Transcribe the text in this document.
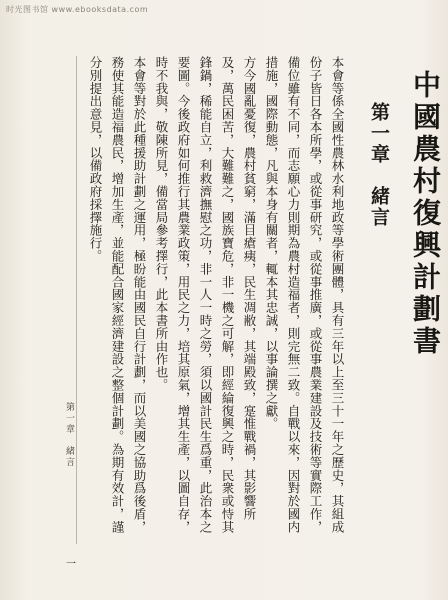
时光图书馆 www.ebooksdata.com
中國農村復興計劃書
第一章　緒言

本會等係全國性農林水利地政等學術團體，具有三年以上至三十一年之歷史，其組成份子皆日各本所學，或從事研究，或從事推廣，或從事農業建設及技術等實際工作，備位雖有不同，而志願心力則期為農村造福者，則完無二致。自戰以來，因對於國内措施，國際動態，凡與本身有關者，輒本其忠誠，以事論撰之獻。

方今國亂憂復，農村貧窮，滿目瘡痍，民生凋敝，其端殿致，寔惟戰禍，其影響所及，萬民困苦，大難難之，國族寶危，非一機之可解，即經綸復興之時，民衆或恃其鋒鍋，稀能自立，利救濟撫慰之功，非一人一時之勞，須以國計民生爲重，此治本之要圖。今後政府如何推行其農業政策，用民之力，培其原氣，增其生產，以圖自存，時不我與，敬陳所見，備當局參考擇行，此本書所由作也。

本會等對於此種援助計劃之運用，極盼能由國民自行計劃，而以美國之協助爲後盾，務使其能造福農民，增加生產，並能配合國家經濟建設之整個計劃。為期有效計，謹分別提出意見，以備政府採擇施行。

第一章　緒言
一
